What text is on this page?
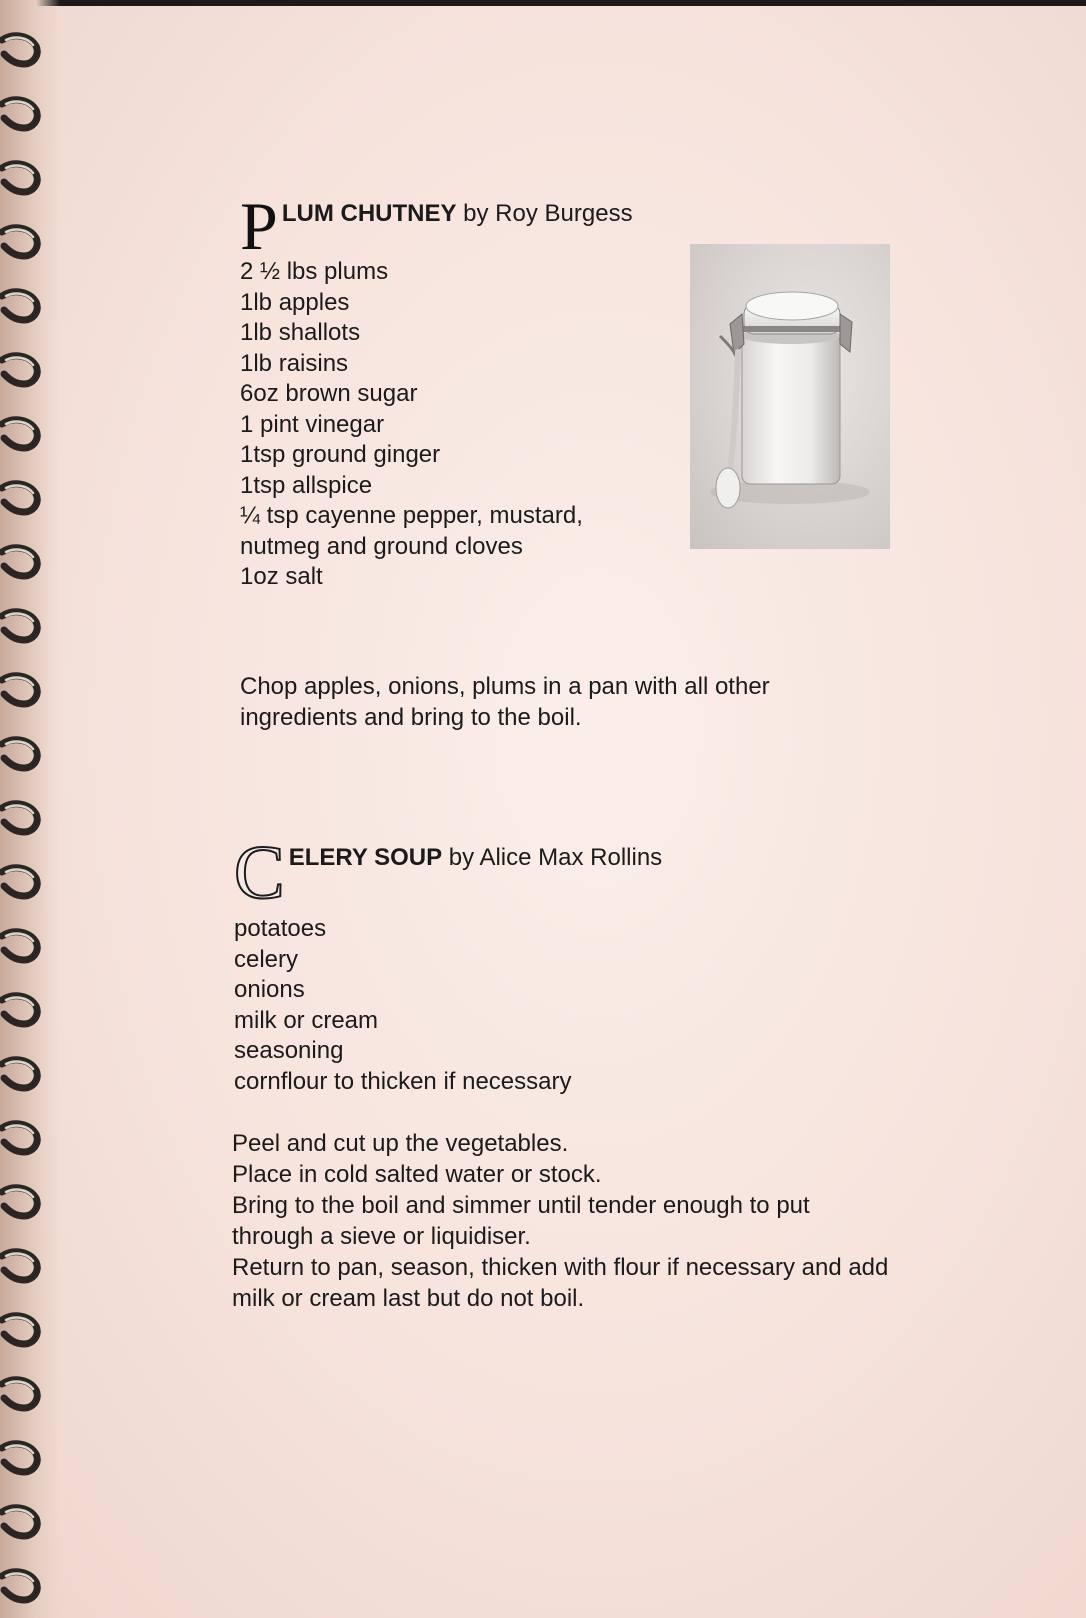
P LUM CHUTNEY by Roy Burgess
2 ½ lbs plums
1lb apples
1lb shallots
1lb raisins
6oz brown sugar
1 pint vinegar
1tsp ground ginger
1tsp allspice
¼ tsp cayenne pepper, mustard, nutmeg and ground cloves
1oz salt

Chop apples, onions, plums in a pan with all other ingredients and bring to the boil.

C ELERY SOUP by Alice Max Rollins
potatoes
celery
onions
milk or cream
seasoning
cornflour to thicken if necessary

Peel and cut up the vegetables.

Place in cold salted water or stock.

Bring to the boil and simmer until tender enough to put through a sieve or liquidiser.

Return to pan, season, thicken with flour if necessary and add milk or cream last but do not boil.
